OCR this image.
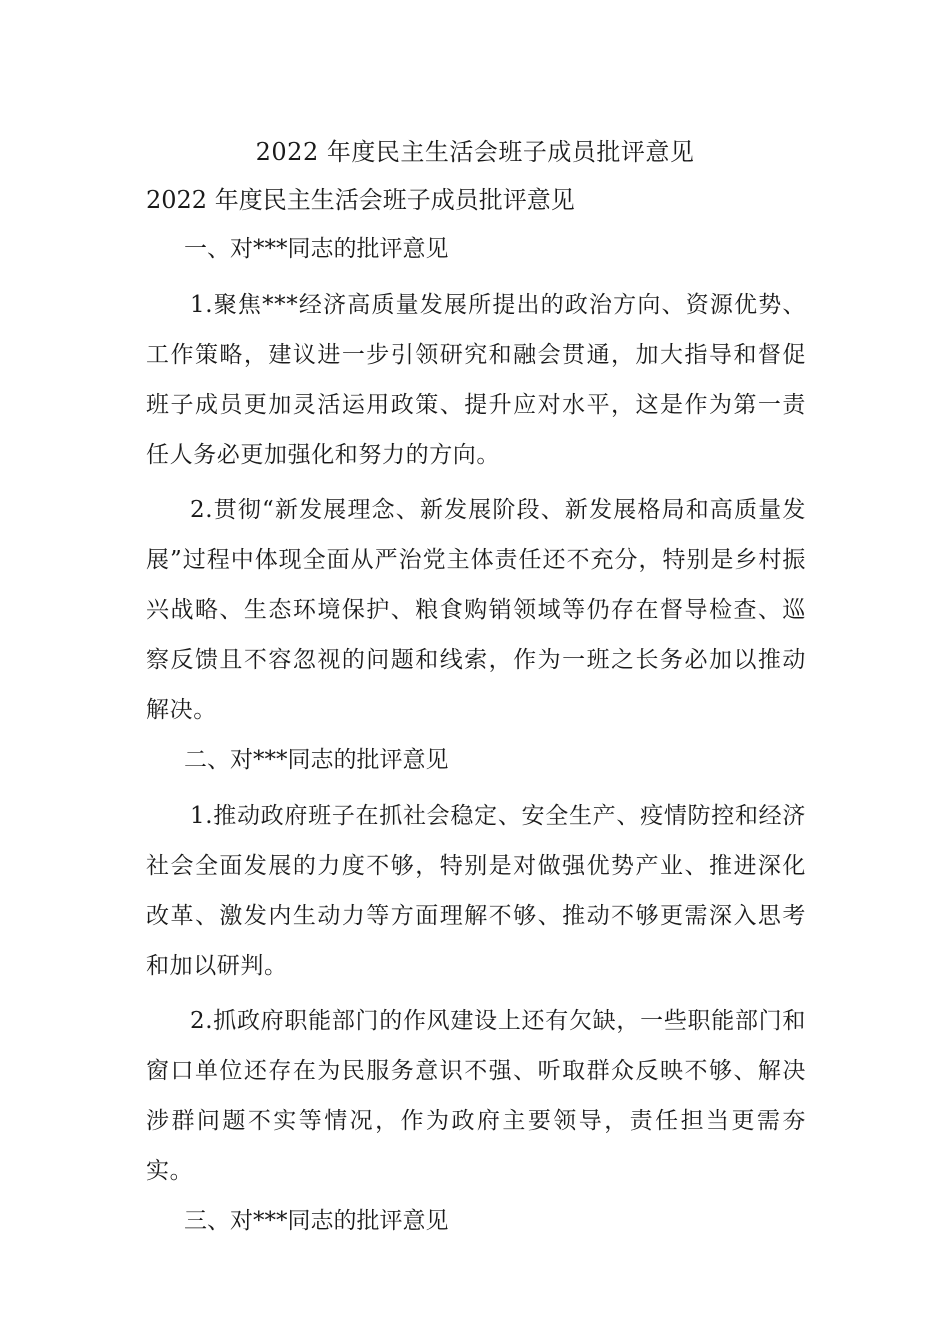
2022 年度民主生活会班子成员批评意见
2022 年度民主生活会班子成员批评意见
一、对***同志的批评意见

1.聚焦***经济高质量发展所提出的政治方向、资源优势、工作策略，建议进一步引领研究和融会贯通，加大指导和督促班子成员更加灵活运用政策、提升应对水平，这是作为第一责任人务必更加强化和努力的方向。

2.贯彻“新发展理念、新发展阶段、新发展格局和高质量发展”过程中体现全面从严治党主体责任还不充分，特别是乡村振兴战略、生态环境保护、粮食购销领域等仍存在督导检查、巡察反馈且不容忽视的问题和线索，作为一班之长务必加以推动解决。

二、对***同志的批评意见

1.推动政府班子在抓社会稳定、安全生产、疫情防控和经济社会全面发展的力度不够，特别是对做强优势产业、推进深化改革、激发内生动力等方面理解不够、推动不够更需深入思考和加以研判。

2.抓政府职能部门的作风建设上还有欠缺，一些职能部门和窗口单位还存在为民服务意识不强、听取群众反映不够、解决涉群问题不实等情况，作为政府主要领导，责任担当更需夯实。

三、对***同志的批评意见
